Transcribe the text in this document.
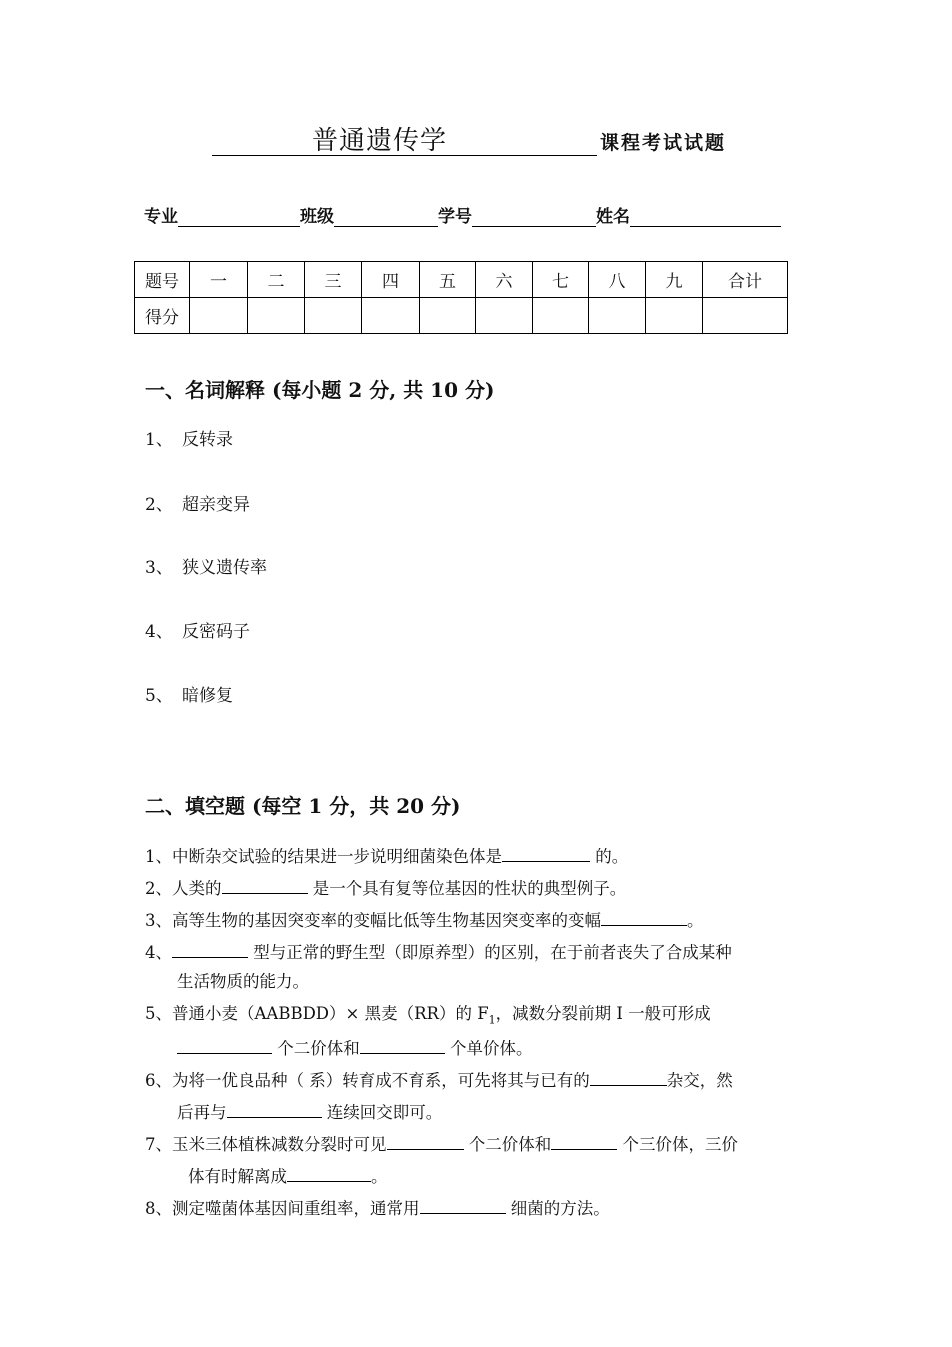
普通遗传学	课程考试试题
专业	班级	学号	姓名
题号	一	二	三	四	五	六	七	八	九	合计
得分										
一、名词解释 (每小题 2 分, 共 10 分)
1、 反转录
2、 超亲变异
3、 狭义遗传率
4、 反密码子
5、 暗修复
二、填空题 (每空 1 分，共 20 分)
1、中断杂交试验的结果进一步说明细菌染色体是	的。
2、人类的	是一个具有复等位基因的性状的典型例子。
3、高等生物的基因突变率的变幅比低等生物基因突变率的变幅	。
4、	型与正常的野生型（即原养型）的区别，在于前者丧失了合成某种
生活物质的能力。
5、普通小麦（AABBDD）× 黑麦（RR）的 $F_1$，减数分裂前期 I 一般可形成
个二价体和	个单价体。
6、为将一优良品种（ 系）转育成不育系，可先将其与已有的	杂交，然
后再与	连续回交即可。
7、玉米三体植株减数分裂时可见	个二价体和	个三价体，三价
体有时解离成	。
8、测定噬菌体基因间重组率，通常用	细菌的方法。
